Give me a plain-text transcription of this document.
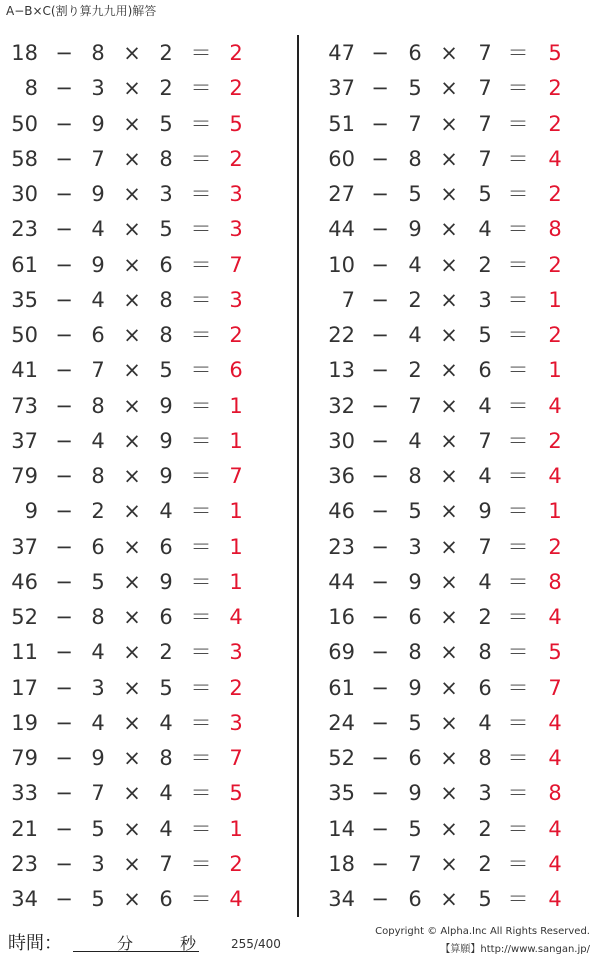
A−B×C(割り算九九用)解答
18 − 8 × 2 ＝ 2
8 − 3 × 2 ＝ 2
50 − 9 × 5 ＝ 5
58 − 7 × 8 ＝ 2
30 − 9 × 3 ＝ 3
23 − 4 × 5 ＝ 3
61 − 9 × 6 ＝ 7
35 − 4 × 8 ＝ 3
50 − 6 × 8 ＝ 2
41 − 7 × 5 ＝ 6
73 − 8 × 9 ＝ 1
37 − 4 × 9 ＝ 1
79 − 8 × 9 ＝ 7
9 − 2 × 4 ＝ 1
37 − 6 × 6 ＝ 1
46 − 5 × 9 ＝ 1
52 − 8 × 6 ＝ 4
11 − 4 × 2 ＝ 3
17 − 3 × 5 ＝ 2
19 − 4 × 4 ＝ 3
79 − 9 × 8 ＝ 7
33 − 7 × 4 ＝ 5
21 − 5 × 4 ＝ 1
23 − 3 × 7 ＝ 2
34 − 5 × 6 ＝ 4
47 − 6 × 7 ＝ 5
37 − 5 × 7 ＝ 2
51 − 7 × 7 ＝ 2
60 − 8 × 7 ＝ 4
27 − 5 × 5 ＝ 2
44 − 9 × 4 ＝ 8
10 − 4 × 2 ＝ 2
7 − 2 × 3 ＝ 1
22 − 4 × 5 ＝ 2
13 − 2 × 6 ＝ 1
32 − 7 × 4 ＝ 4
30 − 4 × 7 ＝ 2
36 − 8 × 4 ＝ 4
46 − 5 × 9 ＝ 1
23 − 3 × 7 ＝ 2
44 − 9 × 4 ＝ 8
16 − 6 × 2 ＝ 4
69 − 8 × 8 ＝ 5
61 − 9 × 6 ＝ 7
24 − 5 × 4 ＝ 4
52 − 6 × 8 ＝ 4
35 − 9 × 3 ＝ 8
14 − 5 × 2 ＝ 4
18 − 7 × 2 ＝ 4
34 − 6 × 5 ＝ 4
時間：	分	秒	255/400
Copyright © Alpha.Inc All Rights Reserved.
【算願】http://www.sangan.jp/
